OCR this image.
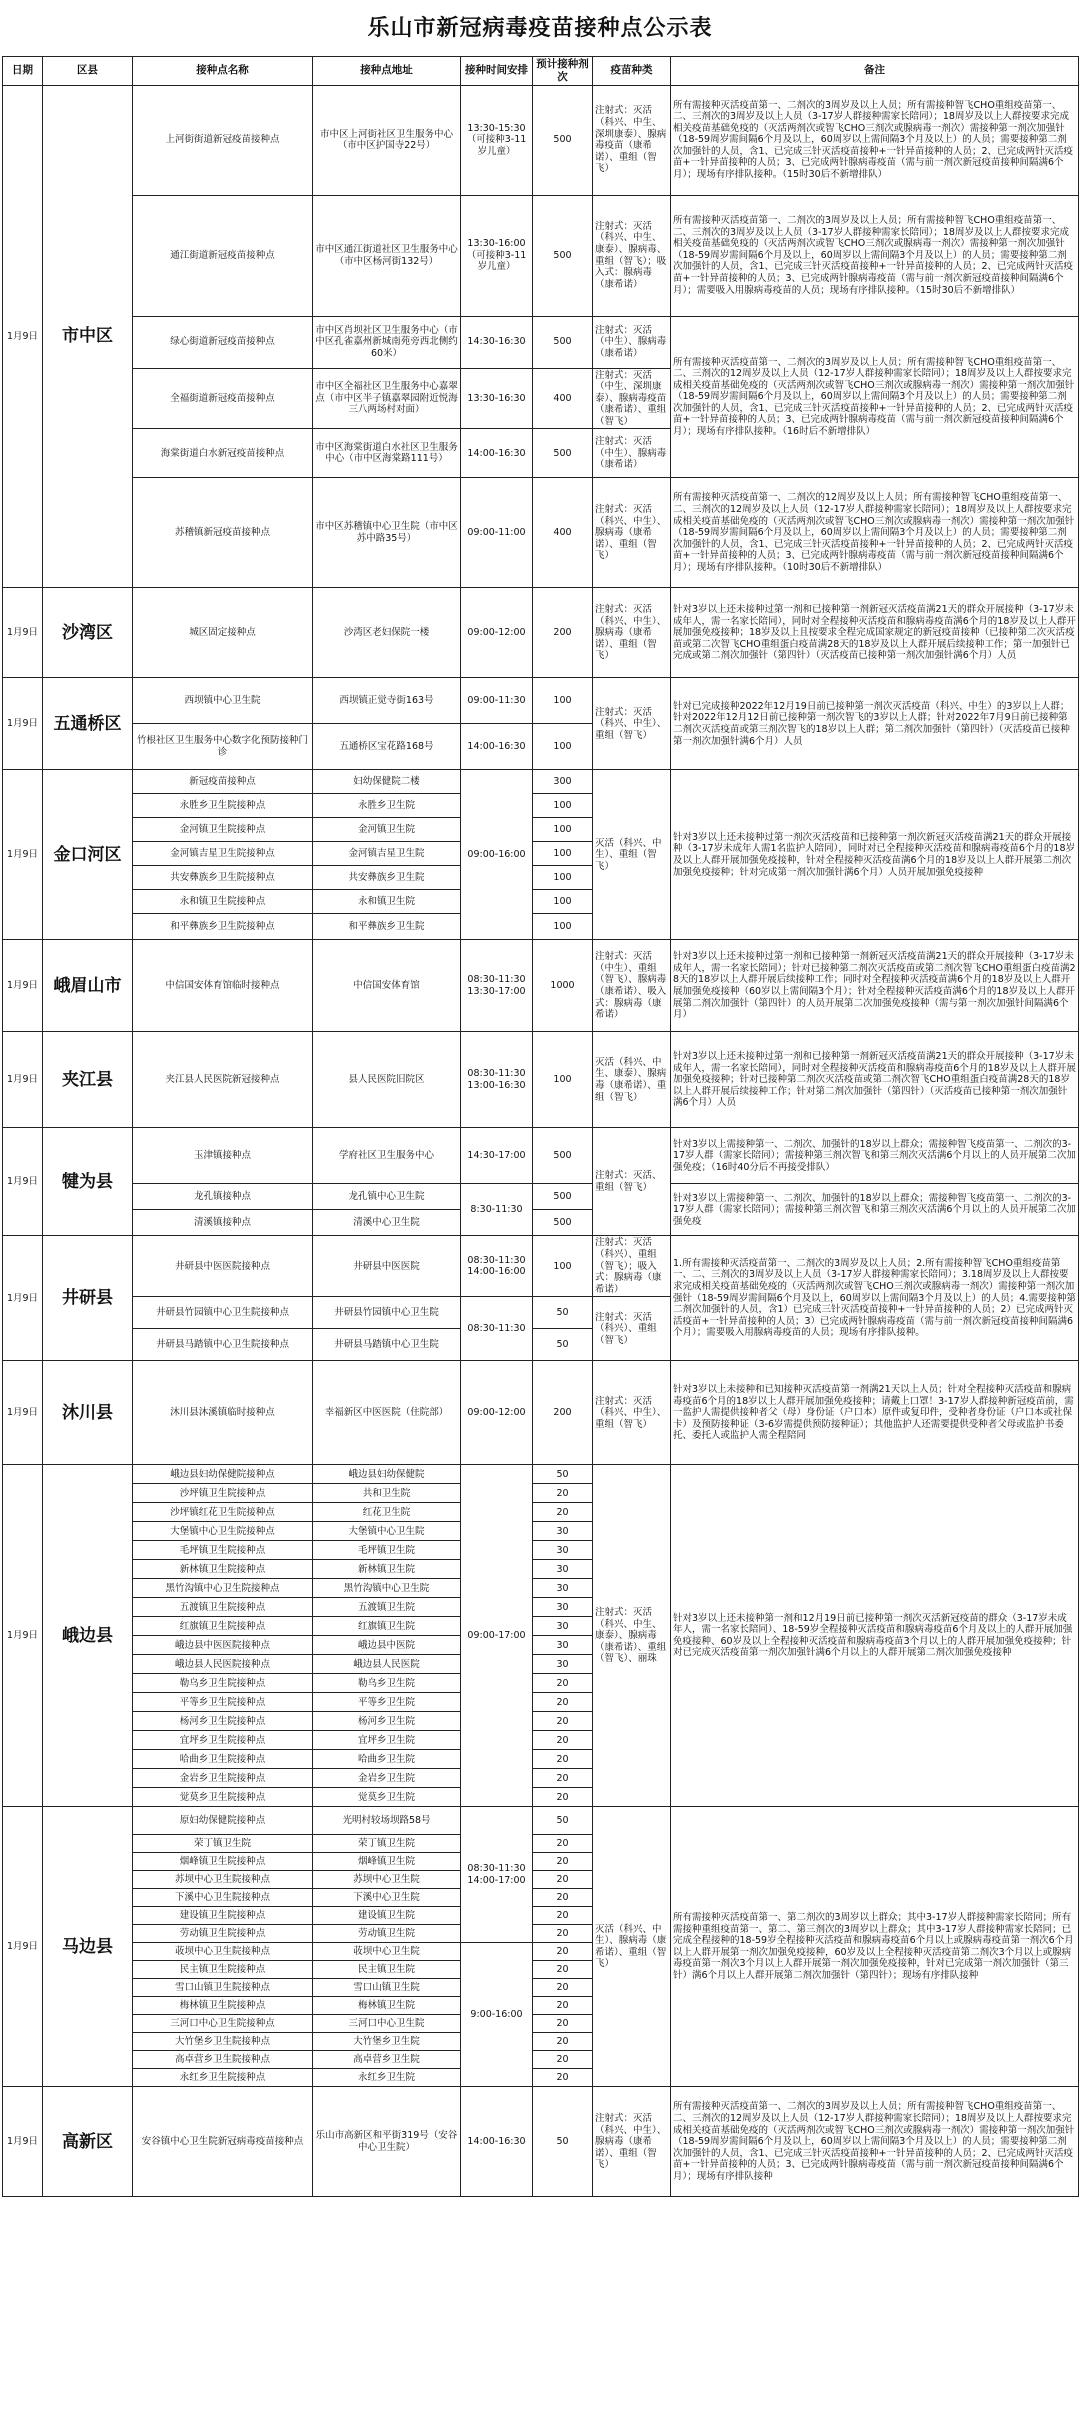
乐山市新冠病毒疫苗接种点公示表
日期	区县	接种点名称	接种点地址	接种时间安排	预计接种剂次	疫苗种类	备注
1月9日	市中区	上河街街道新冠疫苗接种点	市中区上河街社区卫生服务中心（市中区护国寺22号）	13:30-15:30（可接种3-11岁儿童）	500	注射式：灭活（科兴、中生、深圳康泰）、腺病毒疫苗（康希诺）、重组（智飞）	所有需接种灭活疫苗第一、二剂次的3周岁及以上人员；所有需接种智飞CHO重组疫苗第一、二、三剂次的3周岁及以上人员（3-17岁人群接种需家长陪同）；18周岁及以上人群按要求完成相关疫苗基础免疫的（灭活两剂次或智飞CHO三剂次或腺病毒一剂次）需接种第一剂次加强针（18-59周岁需间隔6个月及以上，60周岁以上需间隔3个月及以上）的人员；需要接种第二剂次加强针的人员，含1、已完成三针灭活疫苗接种+一针异苗接种的人员；2、已完成两针灭活疫苗+一针异苗接种的人员；3、已完成两针腺病毒疫苗（需与前一剂次新冠疫苗接种间隔满6个月）；现场有序排队接种。（15时30后不新增排队）
		通江街道新冠疫苗接种点	市中区通江街道社区卫生服务中心（市中区杨河街132号）	13:30-16:00（可接种3-11岁儿童）	500	注射式：灭活（科兴、中生、康泰）、腺病毒、重组（智飞）；吸入式：腺病毒（康希诺）	所有需接种灭活疫苗第一、二剂次的3周岁及以上人员；所有需接种智飞CHO重组疫苗第一、二、三剂次的3周岁及以上人员（3-17岁人群接种需家长陪同）；18周岁及以上人群按要求完成相关疫苗基础免疫的（灭活两剂次或智飞CHO三剂次或腺病毒一剂次）需接种第一剂次加强针（18-59周岁需间隔6个月及以上，60周岁以上需间隔3个月及以上）的人员；需要接种第二剂次加强针的人员，含1、已完成三针灭活疫苗接种+一针异苗接种的人员；2、已完成两针灭活疫苗+一针异苗接种的人员；3、已完成两针腺病毒疫苗（需与前一剂次新冠疫苗接种间隔满6个月）；需要吸入用腺病毒疫苗的人员；现场有序排队接种。（15时30后不新增排队）
		绿心街道新冠疫苗接种点	市中区肖坝社区卫生服务中心（市中区孔雀嘉州新城南苑旁西北侧约60米）	14:30-16:30	500	注射式：灭活（中生）、腺病毒（康希诺）	所有需接种灭活疫苗第一、二剂次的3周岁及以上人员；所有需接种智飞CHO重组疫苗第一、二、三剂次的12周岁及以上人员（12-17岁人群接种需家长陪同）；18周岁及以上人群按要求完成相关疫苗基础免疫的（灭活两剂次或智飞CHO三剂次或腺病毒一剂次）需接种第一剂次加强针（18-59周岁需间隔6个月及以上，60周岁以上需间隔3个月及以上）的人员；需要接种第二剂次加强针的人员，含1、已完成三针灭活疫苗接种+一针异苗接种的人员；2、已完成两针灭活疫苗+一针异苗接种的人员；3、已完成两针腺病毒疫苗（需与前一剂次新冠疫苗接种间隔满6个月）；现场有序排队接种。（16时后不新增排队）
		全福街道新冠疫苗接种点	市中区全福社区卫生服务中心嘉翠点（市中区半子镇嘉翠园附近悦海三八两场村对面）	13:30-16:30	400	注射式：灭活（中生、深圳康泰）、腺病毒疫苗（康希诺）、重组（智飞）	
		海棠街道白水新冠疫苗接种点	市中区海棠街道白水社区卫生服务中心（市中区海棠路111号）	14:00-16:30	500	注射式：灭活（中生）、腺病毒（康希诺）	
		苏稽镇新冠疫苗接种点	市中区苏稽镇中心卫生院（市中区苏中路35号）	09:00-11:00	400	注射式：灭活（科兴、中生）、腺病毒（康希诺）、重组（智飞）	所有需接种灭活疫苗第一、二剂次的12周岁及以上人员；所有需接种智飞CHO重组疫苗第一、二、三剂次的12周岁及以上人员（12-17岁人群接种需家长陪同）；18周岁及以上人群按要求完成相关疫苗基础免疫的（灭活两剂次或智飞CHO三剂次或腺病毒一剂次）需接种第一剂次加强针（18-59周岁需间隔6个月及以上，60周岁以上需间隔3个月及以上）的人员；需要接种第二剂次加强针的人员，含1、已完成三针灭活疫苗接种+一针异苗接种的人员；2、已完成两针灭活疫苗+一针异苗接种的人员；3、已完成两针腺病毒疫苗（需与前一剂次新冠疫苗接种间隔满6个月）；现场有序排队接种。（10时30后不新增排队）
1月9日	沙湾区	城区固定接种点	沙湾区老妇保院一楼	09:00-12:00	200	注射式：灭活（科兴、中生）、腺病毒（康希诺）、重组（智飞）	针对3岁以上还未接种过第一剂和已接种第一剂新冠灭活疫苗满21天的群众开展接种（3-17岁未成年人，需一名家长陪同），同时对全程接种灭活疫苗和腺病毒疫苗满6个月的18岁及以上人群开展加强免疫接种；18岁及以上且按要求全程完成国家规定的新冠疫苗接种（已接种第二次灭活疫苗或第二次智飞CHO重组蛋白疫苗满28天的18岁及以上人群开展后续接种工作；第一加强针已完成或第二剂次加强针（第四针）（灭活疫苗已接种第一剂次加强针满6个月）人员
1月9日	五通桥区	西坝镇中心卫生院	西坝镇正觉寺街163号	09:00-11:30	100	注射式：灭活（科兴、中生）、重组（智飞）	针对已完成接种2022年12月19日前已接种第一剂次灭活疫苗（科兴、中生）的3岁以上人群；针对2022年12月12日前已接种第一剂次智飞的3岁以上人群；针对2022年7月9日前已接种第二剂次灭活疫苗或第三剂次智飞的18岁以上人群；第二剂次加强针（第四针）（灭活疫苗已接种第一剂次加强针满6个月）人员
		竹根社区卫生服务中心数字化预防接种门诊	五通桥区宝花路168号	14:00-16:30	100		
1月9日	金口河区	新冠疫苗接种点	妇幼保健院二楼	09:00-16:00	300	灭活（科兴、中生）、重组（智飞）	针对3岁以上还未接种过第一剂次灭活疫苗和已接种第一剂次新冠灭活疫苗满21天的群众开展接种（3-17岁未成年人需1名监护人陪同），同时对已全程接种灭活疫苗和腺病毒疫苗6个月的18岁及以上人群开展加强免疫接种，针对全程接种灭活疫苗满6个月的18岁及以上人群开展第二剂次加强免疫接种；针对完成第一剂次加强针满6个月）人员开展加强免疫接种
		永胜乡卫生院接种点	永胜乡卫生院		100		
		金河镇卫生院接种点	金河镇卫生院		100		
		金河镇吉星卫生院接种点	金河镇吉星卫生院		100		
		共安彝族乡卫生院接种点	共安彝族乡卫生院		100		
		永和镇卫生院接种点	永和镇卫生院		100		
		和平彝族乡卫生院接种点	和平彝族乡卫生院		100		
1月9日	峨眉山市	中信国安体育馆临时接种点	中信国安体育馆	08:30-11:30 13:30-17:00	1000	注射式：灭活（中生）、重组（智飞）、腺病毒（康希诺）、吸入式：腺病毒（康希诺）	针对3岁以上还未接种过第一剂和已接种第一剂新冠灭活疫苗满21天的群众开展接种（3-17岁未成年人，需一名家长陪同）；针对已接种第二剂次灭活疫苗或第二剂次智飞CHO重组蛋白疫苗满28天的18岁以上人群开展后续接种工作；同时对全程接种灭活疫苗满6个月的18岁及以上人群开展加强免疫接种（60岁以上需间隔3个月）；针对全程接种灭活疫苗满6个月的18岁及以上人群开展第二剂次加强针（第四针）的人员开展第二次加强免疫接种（需与第一剂次加强针间隔满6个月）
1月9日	夹江县	夹江县人民医院新冠接种点	县人民医院旧院区	08:30-11:30 13:00-16:30	100	灭活（科兴、中生、康泰）、腺病毒（康希诺）、重组（智飞）	针对3岁以上还未接种过第一剂和已接种第一剂新冠灭活疫苗满21天的群众开展接种（3-17岁未成年人，需一名家长陪同），同时对全程接种灭活疫苗和腺病毒疫苗6个月的18岁及以上人群开展加强免疫接种；针对已接种第二剂次灭活疫苗或第二剂次智飞CHO重组蛋白疫苗满28天的18岁以上人群开展后续接种工作；针对第二剂次加强针（第四针）（灭活疫苗已接种第一剂次加强针满6个月）人员
1月9日	犍为县	玉津镇接种点	学府社区卫生服务中心	14:30-17:00	500	注射式：灭活、重组（智飞）	针对3岁以上需接种第一、二剂次、加强针的18岁以上群众；需接种智飞疫苗第一、二剂次的3-17岁人群（需家长陪同）；需接种第三剂次智飞和第三剂次灭活满6个月以上的人员开展第二次加强免疫；（16时40分后不再接受排队）
		龙孔镇接种点	龙孔镇中心卫生院	8:30-11:30	500		针对3岁以上需接种第一、二剂次、加强针的18岁以上群众；需接种智飞疫苗第一、二剂次的3-17岁人群（需家长陪同）；需接种第三剂次智飞和第三剂次灭活满6个月以上的人员开展第二次加强免疫
		清溪镇接种点	清溪中心卫生院		500		
1月9日	井研县	井研县中医医院接种点	井研县中医医院	08:30-11:30 14:00-16:00	100	注射式：灭活（科兴）、重组（智飞）；吸入式：腺病毒（康希诺）	1.所有需接种灭活疫苗第一、二剂次的3周岁及以上人员；2.所有需接种智飞CHO重组疫苗第一、二、三剂次的3周岁及以上人员（3-17岁人群接种需家长陪同）；3.18周岁及以上人群按要求完成相关疫苗基础免疫的（灭活两剂次或智飞CHO三剂次或腺病毒一剂次）需接种第一剂次加强针（18-59周岁需间隔6个月及以上，60周岁以上需间隔3个月及以上）的人员；4.需要接种第二剂次加强针的人员，含1）已完成三针灭活疫苗接种+一针异苗接种的人员；2）已完成两针灭活疫苗+一针异苗接种的人员；3）已完成两针腺病毒疫苗（需与前一剂次新冠疫苗接种间隔满6个月）；需要吸入用腺病毒疫苗的人员；现场有序排队接种。
		井研县竹园镇中心卫生院接种点	井研县竹园镇中心卫生院	08:30-11:30	50	注射式：灭活（科兴）、重组（智飞）	
		井研县马踏镇中心卫生院接种点	井研县马踏镇中心卫生院		50		
1月9日	沐川县	沐川县沐溪镇临时接种点	幸福新区中医医院（住院部）	09:00-12:00	200	注射式：灭活（科兴、中生）、重组（智飞）	针对3岁以上未接种和已知接种灭活疫苗第一剂满21天以上人员；针对全程接种灭活疫苗和腺病毒疫苗6个月的18岁以上人群开展加强免疫接种；请戴上口罩！3-17岁人群接种新冠疫苗前，需一监护人需提供接种者父（母）身份证（户口本）原件或复印件，受种者身份证（户口本或社保卡）及预防接种证（3-6岁需提供预防接种证）；其他监护人还需要提供受种者父母或监护书委托、委托人或监护人需全程陪同
1月9日	峨边县	峨边县妇幼保健院接种点	峨边县妇幼保健院	09:00-17:00	50	注射式：灭活（科兴、中生、康泰）、腺病毒（康希诺）、重组（智飞）、丽珠	针对3岁以上还未接种第一剂和12月19日前已接种第一剂次灭活新冠疫苗的群众（3-17岁未成年人，需一名家长陪同）、18-59岁全程接种灭活疫苗和腺病毒疫苗6个月及以上的人群开展加强免疫接种、60岁及以上全程接种灭活疫苗和腺病毒疫苗3个月以上的人群开展加强免疫接种；针对已完成灭活疫苗第一剂次加强针满6个月以上的人群开展第二剂次加强免疫接种
		沙坪镇卫生院接种点	共和卫生院		20		
		沙坪镇红花卫生院接种点	红花卫生院		20		
		大堡镇中心卫生院接种点	大堡镇中心卫生院		30		
		毛坪镇卫生院接种点	毛坪镇卫生院		30		
		新林镇卫生院接种点	新林镇卫生院		30		
		黑竹沟镇中心卫生院接种点	黑竹沟镇中心卫生院		30		
		五渡镇卫生院接种点	五渡镇卫生院		30		
		红旗镇卫生院接种点	红旗镇卫生院		30		
		峨边县中医医院接种点	峨边县中医院		30		
		峨边县人民医院接种点	峨边县人民医院		30		
		勒乌乡卫生院接种点	勒乌乡卫生院		20		
		平等乡卫生院接种点	平等乡卫生院		20		
		杨河乡卫生院接种点	杨河乡卫生院		20		
		宜坪乡卫生院接种点	宜坪乡卫生院		20		
		哈曲乡卫生院接种点	哈曲乡卫生院		20		
		金岩乡卫生院接种点	金岩乡卫生院		20		
		觉莫乡卫生院接种点	觉莫乡卫生院		20		
1月9日	马边县	原妇幼保健院接种点	光明村较场坝路58号	08:30-11:30 14:00-17:00	50	灭活（科兴、中生）、腺病毒（康希诺）、重组（智飞）	所有需接种灭活疫苗第一、第二剂次的3周岁以上群众；其中3-17岁人群接种需家长陪同；所有需接种重组疫苗第一、第二、第三剂次的3周岁以上群众；其中3-17岁人群接种需家长陪同；已完成全程接种的18-59岁全程接种灭活疫苗和腺病毒疫苗6个月以上或腺病毒疫苗第一剂次6个月以上人群开展第一剂次加强免疫接种，60岁及以上全程接种灭活疫苗第二剂次3个月以上或腺病毒疫苗第一剂次3个月以上人群开展第一剂次加强免疫接种，针对已完成第一剂次加强针（第三针）满6个月以上人群开展第二剂次加强针（第四针）；现场有序排队接种
		荣丁镇卫生院	荣丁镇卫生院		20		
		烟峰镇卫生院接种点	烟峰镇卫生院		20		
		苏坝中心卫生院接种点	苏坝中心卫生院		20		
		下溪中心卫生院接种点	下溪中心卫生院		20		
		建设镇卫生院接种点	建设镇卫生院		20		
		劳动镇卫生院接种点	劳动镇卫生院		20		
		荍坝中心卫生院接种点	荍坝中心卫生院	9:00-16:00	20		
		民主镇卫生院接种点	民主镇卫生院		20		
		雪口山镇卫生院接种点	雪口山镇卫生院		20		
		梅林镇卫生院接种点	梅林镇卫生院		20		
		三河口中心卫生院接种点	三河口中心卫生院		20		
		大竹堡乡卫生院接种点	大竹堡乡卫生院		20		
		高卓营乡卫生院接种点	高卓营乡卫生院		20		
		永红乡卫生院接种点	永红乡卫生院		20		
1月9日	高新区	安谷镇中心卫生院新冠病毒疫苗接种点	乐山市高新区和平街319号（安谷中心卫生院）	14:00-16:30	50	注射式：灭活（科兴、中生）、腺病毒（康希诺）、重组（智飞）	所有需接种灭活疫苗第一、二剂次的3周岁及以上人员；所有需接种智飞CHO重组疫苗第一、二、三剂次的12周岁及以上人员（12-17岁人群接种需家长陪同）；18周岁及以上人群按要求完成相关疫苗基础免疫的（灭活两剂次或智飞CHO三剂次或腺病毒一剂次）需接种第一剂次加强针（18-59周岁需间隔6个月及以上，60周岁以上需间隔3个月及以上）的人员；需要接种第二剂次加强针的人员，含1、已完成三针灭活疫苗接种+一针异苗接种的人员；2、已完成两针灭活疫苗+一针异苗接种的人员；3、已完成两针腺病毒疫苗（需与前一剂次新冠疫苗接种间隔满6个月）；现场有序排队接种
